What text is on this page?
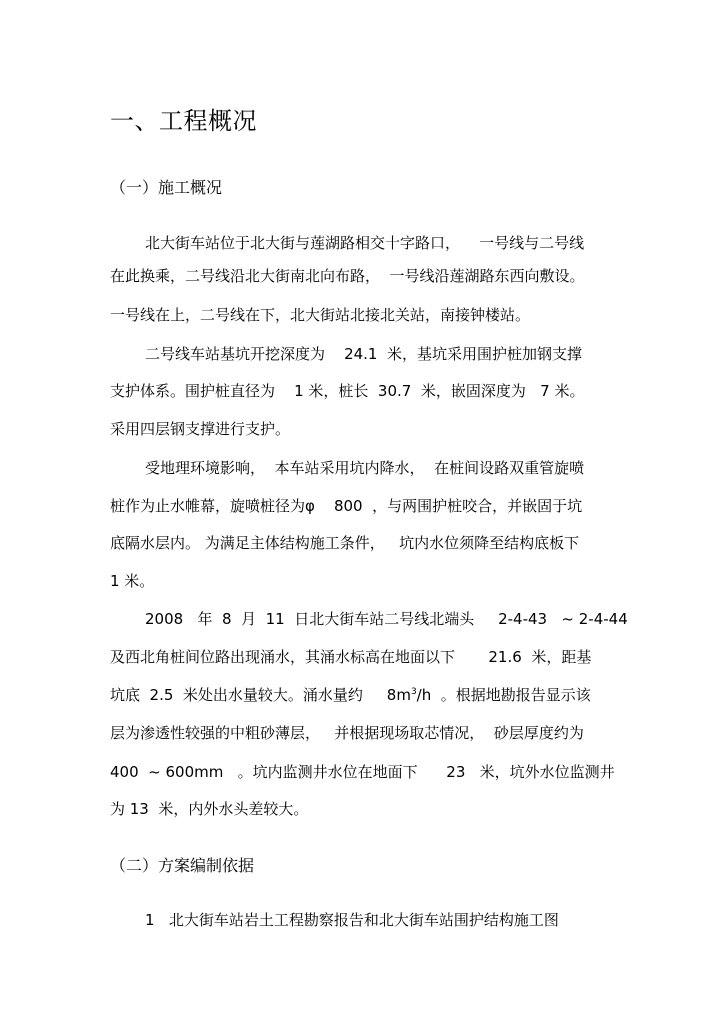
一、工程概况
（一）施工概况
北大街车站位于北大街与莲湖路相交十字路口，    一号线与二号线
在此换乘，二号线沿北大街南北向布路，  一号线沿莲湖路东西向敷设。
一号线在上，二号线在下，北大街站北接北关站，南接钟楼站。
二号线车站基坑开挖深度为    24.1  米，基坑采用围护桩加钢支撑
支护体系。围护桩直径为    1 米，桩长  30.7  米，嵌固深度为   7 米。
采用四层钢支撑进行支护。
受地理环境影响，  本车站采用坑内降水，  在桩间设路双重管旋喷
桩作为止水帷幕，旋喷桩径为φ    800  ，与两围护桩咬合，并嵌固于坑
底隔水层内。 为满足主体结构施工条件，   坑内水位须降至结构底板下
1 米。
2008   年  8  月  11  日北大街车站二号线北端头     2-4-43   ~ 2-4-44
及西北角桩间位路出现涌水，其涌水标高在地面以下       21.6  米，距基
坑底  2.5  米处出水量较大。涌水量约     $8m^3/h$  。根据地勘报告显示该
层为渗透性较强的中粗砂薄层，   并根据现场取芯情况，  砂层厚度约为
400  ~ 600mm   。坑内监测井水位在地面下      23   米，坑外水位监测井
为 13  米，内外水头差较大。
（二）方案编制依据
1   北大街车站岩土工程勘察报告和北大街车站围护结构施工图
